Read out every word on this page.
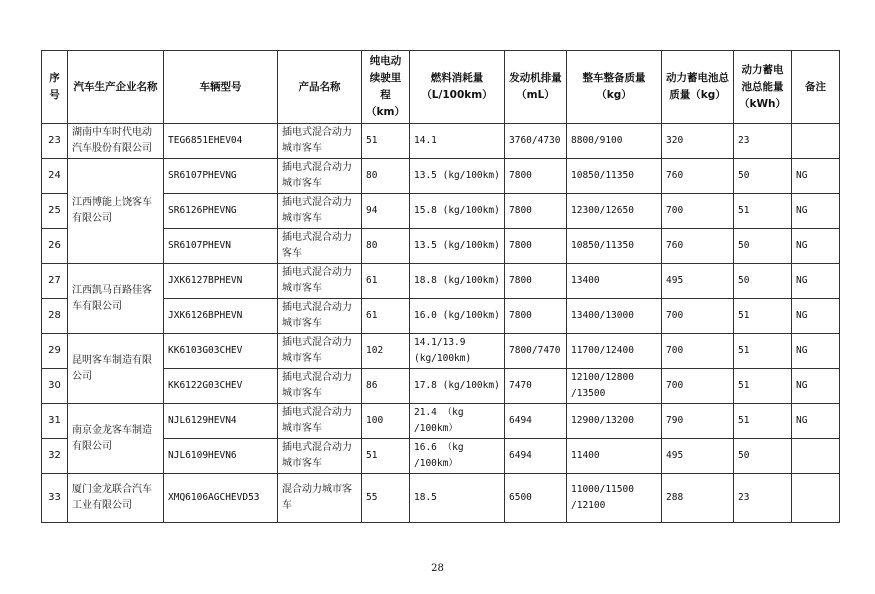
序号	汽车生产企业名称	车辆型号	产品名称	纯电动续驶里程（km）	燃料消耗量（L/100km）	发动机排量（mL）	整车整备质量（kg）	动力蓄电池总质量（kg）	动力蓄电池总能量（kWh）	备注
23	湖南中车时代电动汽车股份有限公司	TEG6851EHEV04	插电式混合动力城市客车	51	14.1	3760/4730	8800/9100	320	23	
24	江西博能上饶客车有限公司	SR6107PHEVNG	插电式混合动力城市客车	80	13.5 (kg/100km)	7800	10850/11350	760	50	NG
25		SR6126PHEVNG	插电式混合动力城市客车	94	15.8 (kg/100km)	7800	12300/12650	700	51	NG
26		SR6107PHEVN	插电式混合动力客车	80	13.5 (kg/100km)	7800	10850/11350	760	50	NG
27	江西凯马百路佳客车有限公司	JXK6127BPHEVN	插电式混合动力城市客车	61	18.8 (kg/100km)	7800	13400	495	50	NG
28		JXK6126BPHEVN	插电式混合动力城市客车	61	16.0 (kg/100km)	7800	13400/13000	700	51	NG
29	昆明客车制造有限公司	KK6103G03CHEV	插电式混合动力城市客车	102	14.1/13.9 (kg/100km)	7800/7470	11700/12400	700	51	NG
30		KK6122G03CHEV	插电式混合动力城市客车	86	17.8 (kg/100km)	7470	12100/12800 /13500	700	51	NG
31	南京金龙客车制造有限公司	NJL6129HEVN4	插电式混合动力城市客车	100	21.4 （kg /100km）	6494	12900/13200	790	51	NG
32		NJL6109HEVN6	插电式混合动力城市客车	51	16.6 （kg /100km）	6494	11400	495	50	
33	厦门金龙联合汽车工业有限公司	XMQ6106AGCHEVD53	混合动力城市客车	55	18.5	6500	11000/11500 /12100	288	23	
28
